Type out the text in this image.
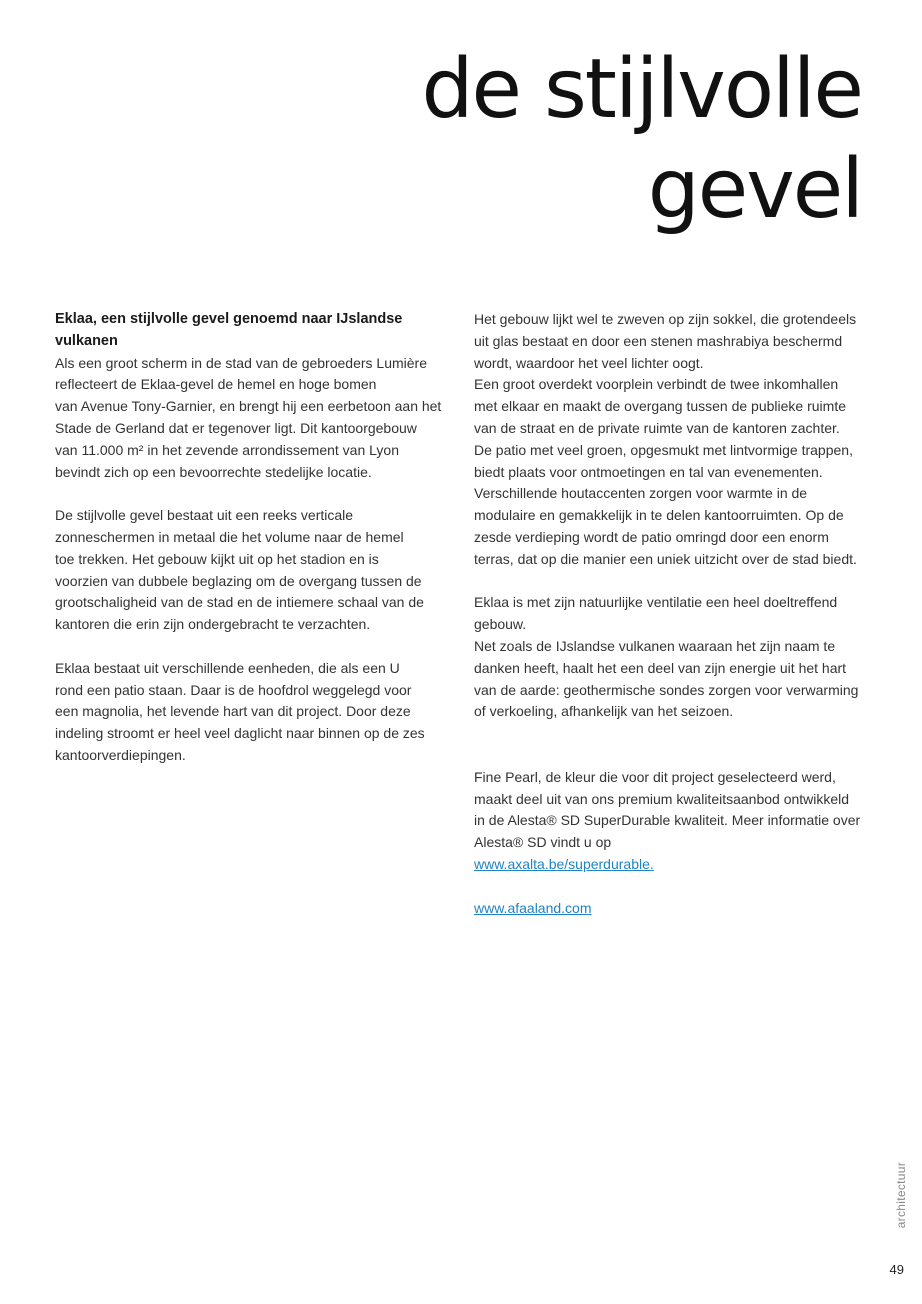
de stijlvolle
gevel

Eklaa, een stijlvolle gevel genoemd naar IJslandse
vulkanen

Als een groot scherm in de stad van de gebroeders Lumière
reflecteert de Eklaa-gevel de hemel en hoge bomen
van Avenue Tony-Garnier, en brengt hij een eerbetoon aan het
Stade de Gerland dat er tegenover ligt. Dit kantoorgebouw
van 11.000 m² in het zevende arrondissement van Lyon
bevindt zich op een bevoorrechte stedelijke locatie.

De stijlvolle gevel bestaat uit een reeks verticale
zonneschermen in metaal die het volume naar de hemel
toe trekken. Het gebouw kijkt uit op het stadion en is
voorzien van dubbele beglazing om de overgang tussen de
grootschaligheid van de stad en de intiemere schaal van de
kantoren die erin zijn ondergebracht te verzachten.

Eklaa bestaat uit verschillende eenheden, die als een U
rond een patio staan. Daar is de hoofdrol weggelegd voor
een magnolia, het levende hart van dit project. Door deze
indeling stroomt er heel veel daglicht naar binnen op de zes
kantoorverdiepingen.

Het gebouw lijkt wel te zweven op zijn sokkel, die grotendeels
uit glas bestaat en door een stenen mashrabiya beschermd
wordt, waardoor het veel lichter oogt.
Een groot overdekt voorplein verbindt de twee inkomhallen
met elkaar en maakt de overgang tussen de publieke ruimte
van de straat en de private ruimte van de kantoren zachter.
De patio met veel groen, opgesmukt met lintvormige trappen,
biedt plaats voor ontmoetingen en tal van evenementen.
Verschillende houtaccenten zorgen voor warmte in de
modulaire en gemakkelijk in te delen kantoorruimten. Op de
zesde verdieping wordt de patio omringd door een enorm
terras, dat op die manier een uniek uitzicht over de stad biedt.

Eklaa is met zijn natuurlijke ventilatie een heel doeltreffend
gebouw.
Net zoals de IJslandse vulkanen waaraan het zijn naam te
danken heeft, haalt het een deel van zijn energie uit het hart
van de aarde: geothermische sondes zorgen voor verwarming
of verkoeling, afhankelijk van het seizoen.

Fine Pearl, de kleur die voor dit project geselecteerd werd,
maakt deel uit van ons premium kwaliteitsaanbod ontwikkeld
in de Alesta® SD SuperDurable kwaliteit. Meer informatie over
Alesta® SD vindt u op
www.axalta.be/superdurable.

www.afaaland.com

architectuur
49
